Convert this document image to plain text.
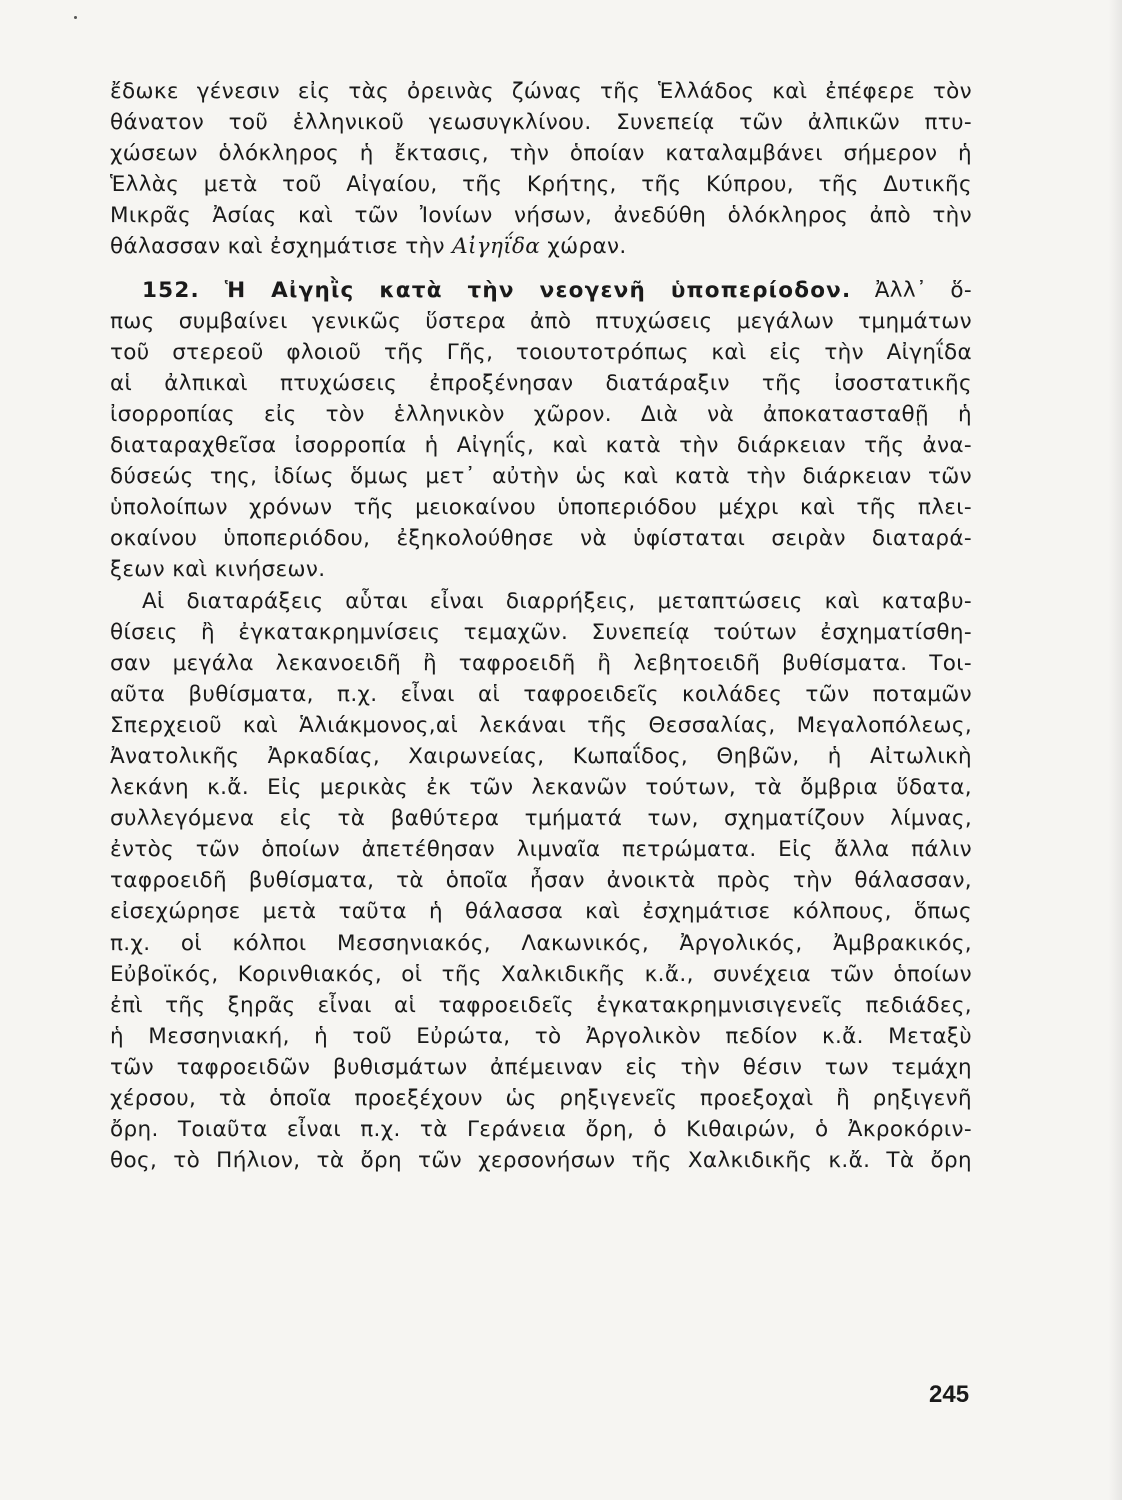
ἔδωκε γένεσιν εἰς τὰς ὀρεινὰς ζώνας τῆς Ἑλλάδος καὶ ἐπέφερε τὸν
θάνατον τοῦ ἑλληνικοῦ γεωσυγκλίνου. Συνεπείᾳ τῶν ἀλπικῶν πτυ-
χώσεων ὁλόκληρος ἡ ἔκτασις, τὴν ὁποίαν καταλαμβάνει σήμερον ἡ
Ἑλλὰς μετὰ τοῦ Αἰγαίου, τῆς Κρήτης, τῆς Κύπρου, τῆς Δυτικῆς
Μικρᾶς Ἀσίας καὶ τῶν Ἰονίων νήσων, ἀνεδύθη ὁλόκληρος ἀπὸ τὴν
θάλασσαν καὶ ἐσχημάτισε τὴν Αἰγηΐδα χώραν.
152. Ἡ Αἰγηῒς κατὰ τὴν νεογενῆ ὑποπερίοδον. Ἀλλ᾽ ὅ-
πως συμβαίνει γενικῶς ὕστερα ἀπὸ πτυχώσεις μεγάλων τμημάτων
τοῦ στερεοῦ φλοιοῦ τῆς Γῆς, τοιουτοτρόπως καὶ εἰς τὴν Αἰγηΐδα
αἱ ἀλπικαὶ πτυχώσεις ἐπροξένησαν διατάραξιν τῆς ἰσοστατικῆς
ἰσορροπίας εἰς τὸν ἑλληνικὸν χῶρον. Διὰ νὰ ἀποκατασταθῇ ἡ
διαταραχθεῖσα ἰσορροπία ἡ Αἰγηΐς, καὶ κατὰ τὴν διάρκειαν τῆς ἀνα-
δύσεώς της, ἰδίως ὅμως μετ᾽ αὐτὴν ὡς καὶ κατὰ τὴν διάρκειαν τῶν
ὑπολοίπων χρόνων τῆς μειοκαίνου ὑποπεριόδου μέχρι καὶ τῆς πλει-
οκαίνου ὑποπεριόδου, ἐξηκολούθησε νὰ ὑφίσταται σειρὰν διαταρά-
ξεων καὶ κινήσεων.
Αἱ διαταράξεις αὗται εἶναι διαρρήξεις, μεταπτώσεις καὶ καταβυ-
θίσεις ἢ ἐγκατακρημνίσεις τεμαχῶν. Συνεπείᾳ τούτων ἐσχηματίσθη-
σαν μεγάλα λεκανοειδῆ ἢ ταφροειδῆ ἢ λεβητοειδῆ βυθίσματα. Τοι-
αῦτα βυθίσματα, π.χ. εἶναι αἱ ταφροειδεῖς κοιλάδες τῶν ποταμῶν
Σπερχειοῦ καὶ Ἁλιάκμονος,αἱ λεκάναι τῆς Θεσσαλίας, Μεγαλοπόλεως,
Ἀνατολικῆς Ἀρκαδίας, Χαιρωνείας, Κωπαΐδος, Θηβῶν, ἡ Αἰτωλικὴ
λεκάνη κ.ἄ. Εἰς μερικὰς ἐκ τῶν λεκανῶν τούτων, τὰ ὄμβρια ὕδατα,
συλλεγόμενα εἰς τὰ βαθύτερα τμήματά των, σχηματίζουν λίμνας,
ἐντὸς τῶν ὁποίων ἀπετέθησαν λιμναῖα πετρώματα. Εἰς ἄλλα πάλιν
ταφροειδῆ βυθίσματα, τὰ ὁποῖα ἦσαν ἀνοικτὰ πρὸς τὴν θάλασσαν,
εἰσεχώρησε μετὰ ταῦτα ἡ θάλασσα καὶ ἐσχημάτισε κόλπους, ὅπως
π.χ. οἱ κόλποι Μεσσηνιακός, Λακωνικός, Ἀργολικός, Ἀμβρακικός,
Εὐβοϊκός, Κορινθιακός, οἱ τῆς Χαλκιδικῆς κ.ἄ., συνέχεια τῶν ὁποίων
ἐπὶ τῆς ξηρᾶς εἶναι αἱ ταφροειδεῖς ἐγκατακρημνισιγενεῖς πεδιάδες,
ἡ Μεσσηνιακή, ἡ τοῦ Εὐρώτα, τὸ Ἀργολικὸν πεδίον κ.ἄ. Μεταξὺ
τῶν ταφροειδῶν βυθισμάτων ἀπέμειναν εἰς τὴν θέσιν των τεμάχη
χέρσου, τὰ ὁποῖα προεξέχουν ὡς ρηξιγενεῖς προεξοχαὶ ἢ ρηξιγενῆ
ὄρη. Τοιαῦτα εἶναι π.χ. τὰ Γεράνεια ὄρη, ὁ Κιθαιρών, ὁ Ἀκροκόριν-
θος, τὸ Πήλιον, τὰ ὄρη τῶν χερσονήσων τῆς Χαλκιδικῆς κ.ἄ. Τὰ ὄρη
245
